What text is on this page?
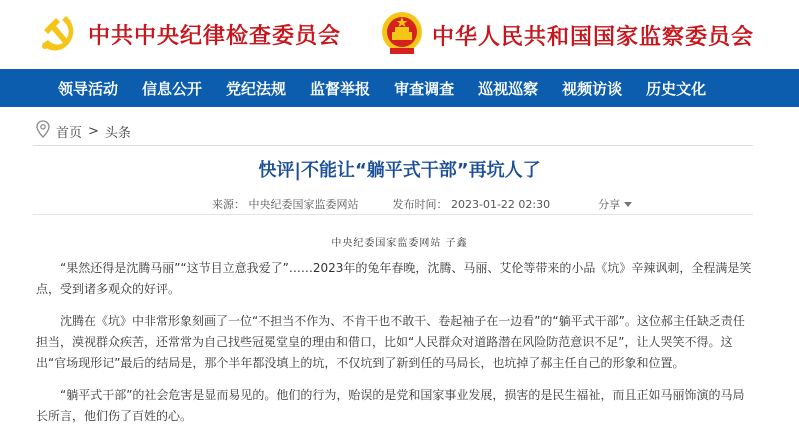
中共中央纪律检查委员会	中华人民共和国国家监察委员会
领导活动 信息公开 党纪法规 监督举报 审查调查 巡视巡察 视频访谈 历史文化
首页 > 头条
快评|不能让“躺平式干部”再坑人了
来源： 中央纪委国家监委网站	发布时间： 2023-01-22 02:30	分享
中央纪委国家监委网站 子鑫

“果然还得是沈腾马丽”“这节目立意我爱了”……2023年的兔年春晚，沈腾、马丽、艾伦等带来的小品《坑》辛辣讽刺，全程满是笑点，受到诸多观众的好评。

沈腾在《坑》中非常形象刻画了一位“不担当不作为、不肯干也不敢干、卷起袖子在一边看”的“躺平式干部”。这位郝主任缺乏责任担当，漠视群众疾苦，还常常为自己找些冠冕堂皇的理由和借口，比如“人民群众对道路潜在风险防范意识不足”，让人哭笑不得。这出“官场现形记”最后的结局是，那个半年都没填上的坑，不仅坑到了新到任的马局长，也坑掉了郝主任自己的形象和位置。

“躺平式干部”的社会危害是显而易见的。他们的行为，贻误的是党和国家事业发展，损害的是民生福祉，而且正如马丽饰演的马局长所言，他们伤了百姓的心。
